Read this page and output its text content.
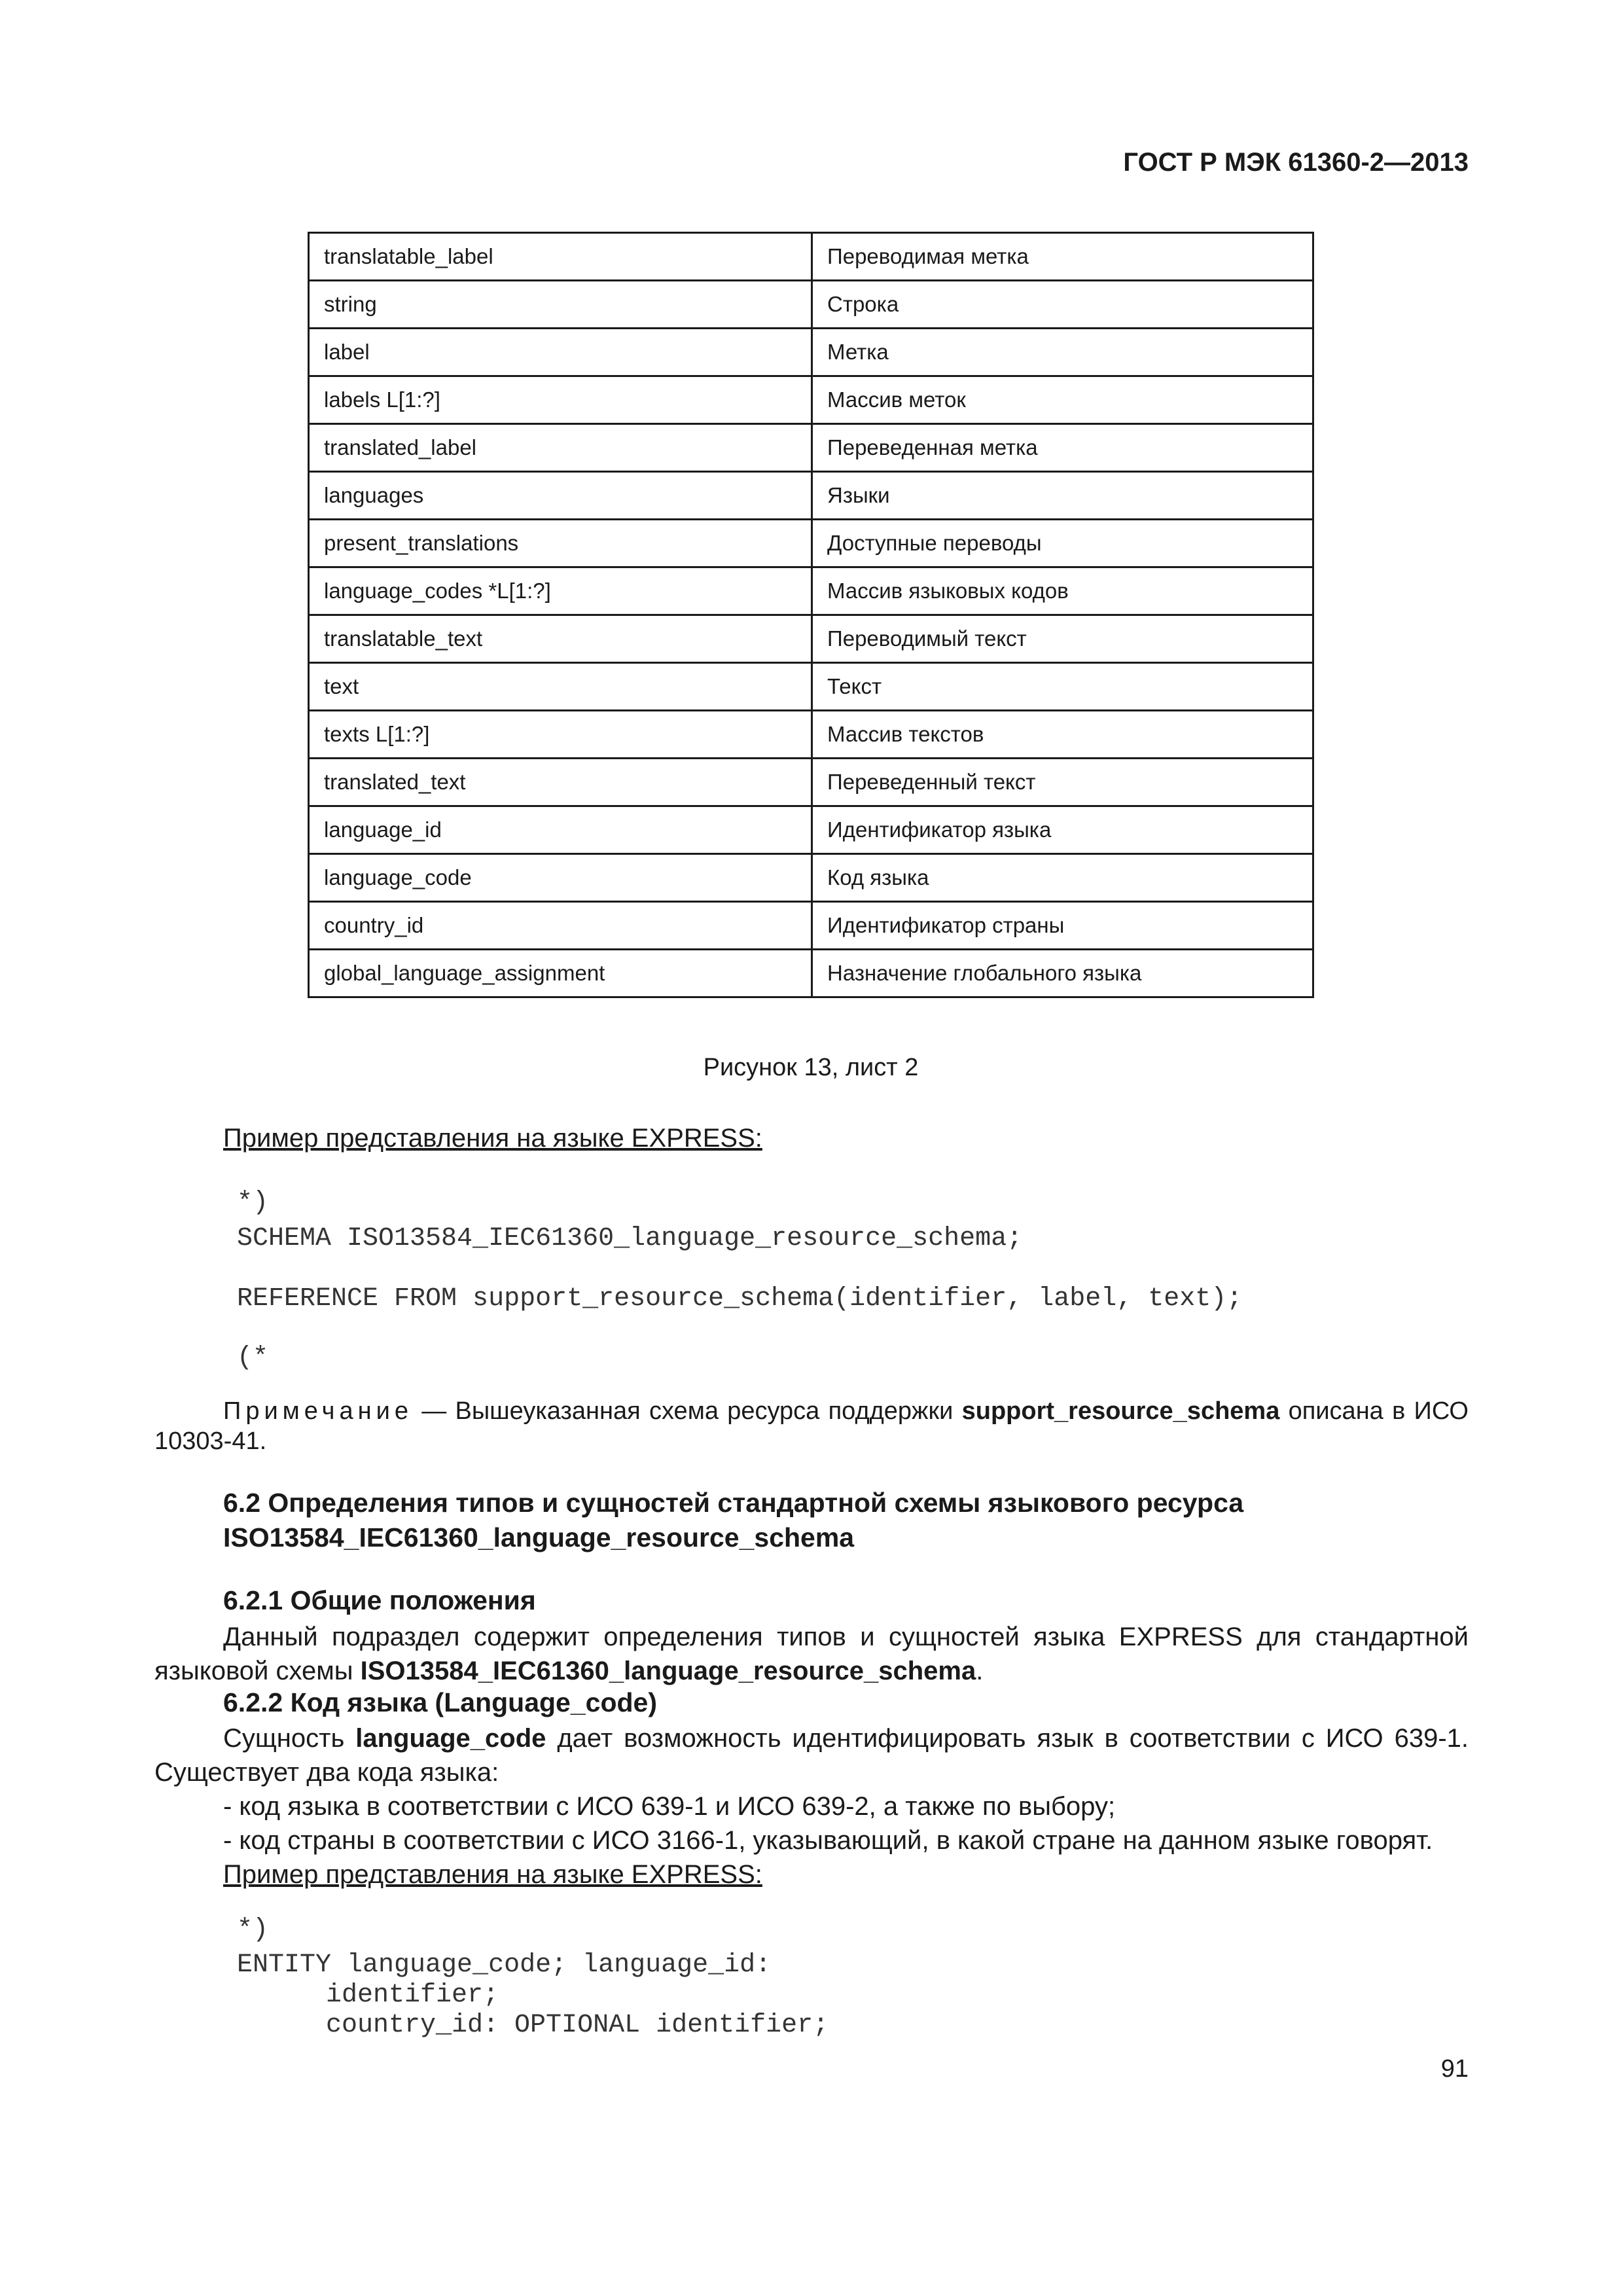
ГОСТ Р МЭК 61360-2—2013
translatable_label	Переводимая метка
string	Строка
label	Метка
labels L[1:?]	Массив меток
translated_label	Переведенная метка
languages	Языки
present_translations	Доступные переводы
language_codes *L[1:?]	Массив языковых кодов
translatable_text	Переводимый текст
text	Текст
texts L[1:?]	Массив текстов
translated_text	Переведенный текст
language_id	Идентификатор языка
language_code	Код языка
country_id	Идентификатор страны
global_language_assignment	Назначение глобального языка
Рисунок 13, лист 2
Пример представления на языке EXPRESS:
*)
SCHEMA ISO13584_IEC61360_language_resource_schema;
REFERENCE FROM support_resource_schema(identifier, label, text);
(*
Примечание — Вышеуказанная схема ресурса поддержки support_resource_schema описана в ИСО 10303-41.
6.2 Определения типов и сущностей стандартной схемы языкового ресурса
ISO13584_IEC61360_language_resource_schema
6.2.1 Общие положения
Данный подраздел содержит определения типов и сущностей языка EXPRESS для стандартной языковой схемы ISO13584_IEC61360_language_resource_schema.
6.2.2 Код языка (Language_code)
Сущность language_code дает возможность идентифицировать язык в соответствии с ИСО 639-1. Существует два кода языка:
- код языка в соответствии с ИСО 639-1 и ИСО 639-2, а также по выбору;
- код страны в соответствии с ИСО 3166-1, указывающий, в какой стране на данном языке говорят.
Пример представления на языке EXPRESS:
*)
ENTITY language_code; language_id:
identifier;
country_id: OPTIONAL identifier;
91
